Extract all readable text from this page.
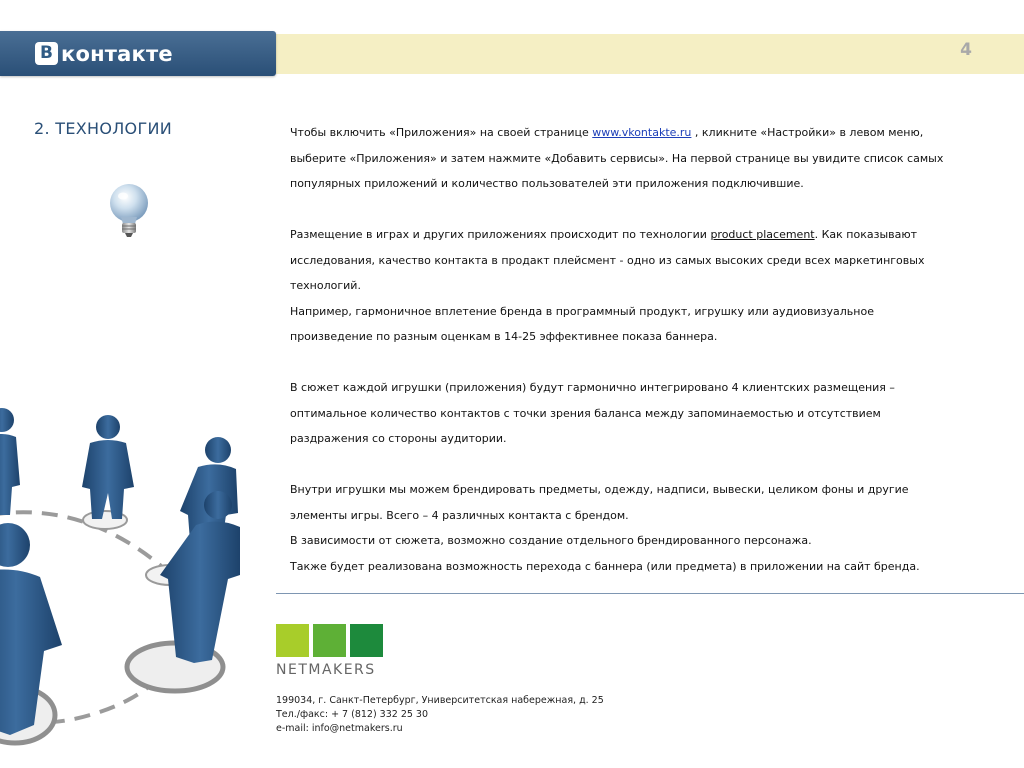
В контакте	4
2. ТЕХНОЛОГИИ	Чтобы включить «Приложения» на своей странице www.vkontakte.ru , кликните «Настройки» в левом меню,

выберите «Приложения» и затем нажмите «Добавить сервисы». На первой странице вы увидите список самых

популярных приложений и количество пользователей эти приложения подключившие.

Размещение в играх и других приложениях происходит по технологии product placement. Как показывают

исследования, качество контакта в продакт плейсмент - одно из самых высоких среди всех маркетинговых

технологий.

Например, гармоничное вплетение бренда в программный продукт, игрушку или аудиовизуальное

произведение по разным оценкам в 14-25 эффективнее показа баннера.

В сюжет каждой игрушки (приложения) будут гармонично интегрировано 4 клиентских размещения –

оптимальное количество контактов с точки зрения баланса между запоминаемостью и отсутствием

раздражения со стороны аудитории.

Внутри игрушки мы можем брендировать предметы, одежду, надписи, вывески, целиком фоны и другие

элементы игры. Всего – 4 различных контакта с брендом.

В зависимости от сюжета, возможно создание отдельного брендированного персонажа.

Также будет реализована возможность перехода с баннера (или предмета) в приложении на сайт бренда.

NETMAKERS
199034, г. Санкт-Петербург, Университетская набережная, д. 25
Тел./факс: + 7 (812) 332 25 30
e-mail: info@netmakers.ru
